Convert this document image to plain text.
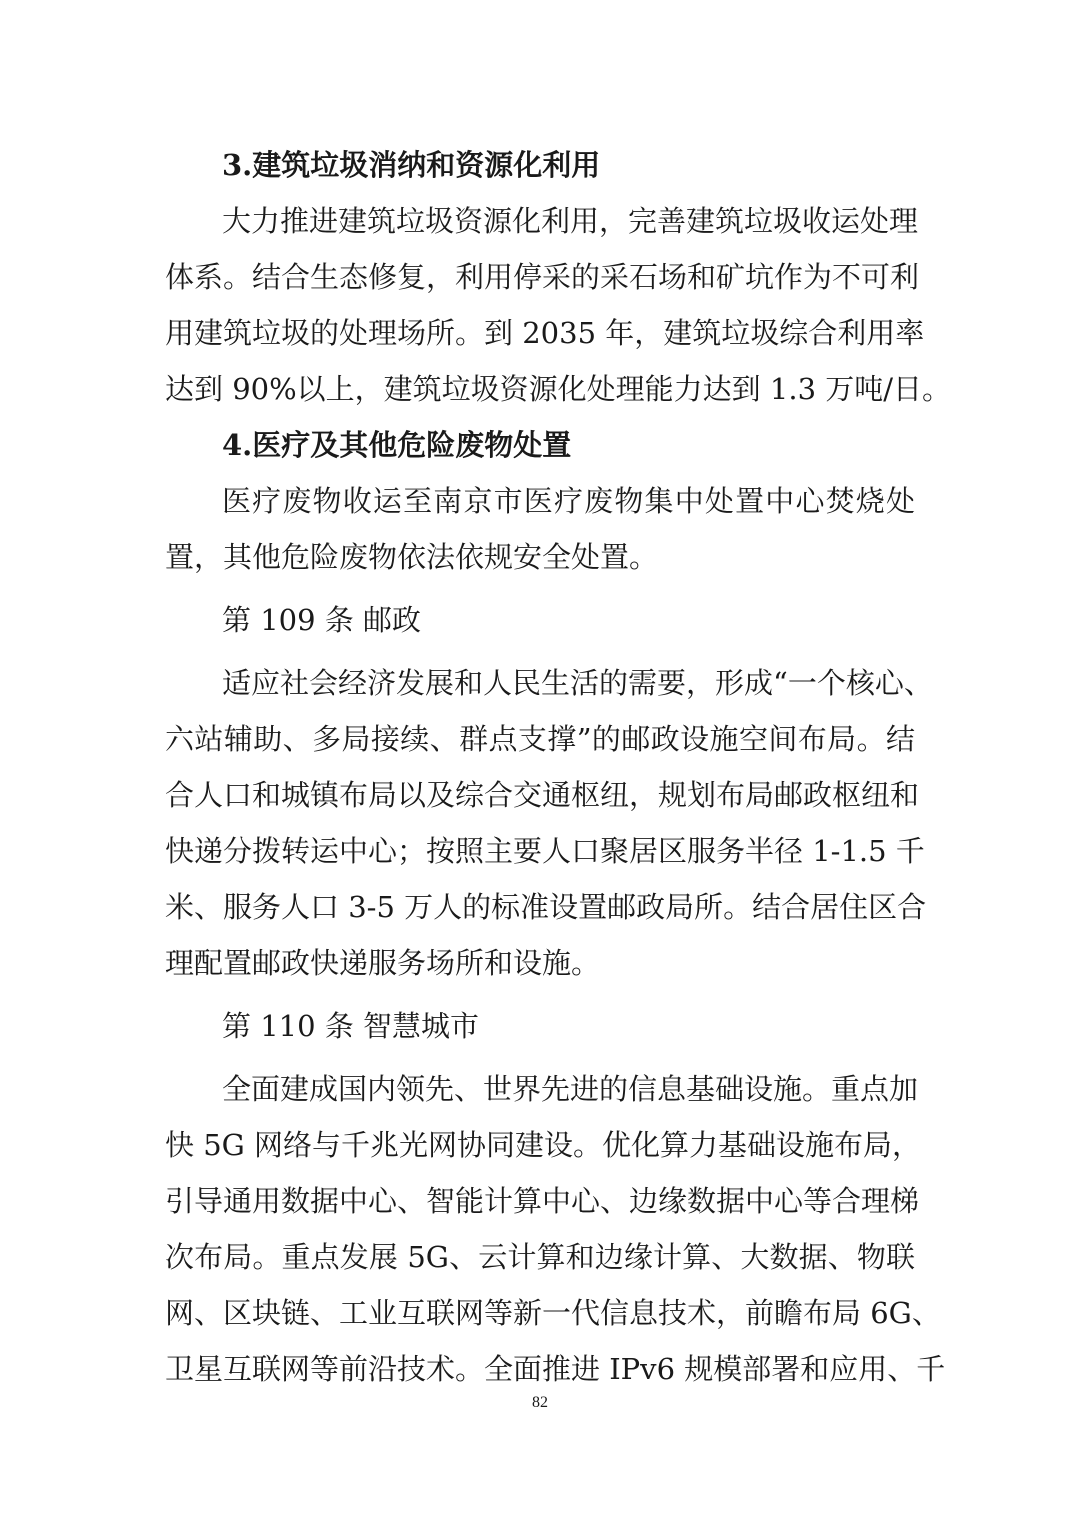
3.建筑垃圾消纳和资源化利用
大力推进建筑垃圾资源化利用，完善建筑垃圾收运处理
体系。结合生态修复，利用停采的采石场和矿坑作为不可利
用建筑垃圾的处理场所。到 2035 年，建筑垃圾综合利用率
达到 90%以上，建筑垃圾资源化处理能力达到 1.3 万吨/日。
4.医疗及其他危险废物处置
医疗废物收运至南京市医疗废物集中处置中心焚烧处
置，其他危险废物依法依规安全处置。
第 109 条 邮政
适应社会经济发展和人民生活的需要，形成“一个核心、
六站辅助、多局接续、群点支撑”的邮政设施空间布局。结
合人口和城镇布局以及综合交通枢纽，规划布局邮政枢纽和
快递分拨转运中心；按照主要人口聚居区服务半径 1-1.5 千
米、服务人口 3-5 万人的标准设置邮政局所。结合居住区合
理配置邮政快递服务场所和设施。
第 110 条 智慧城市
全面建成国内领先、世界先进的信息基础设施。重点加
快 5G 网络与千兆光网协同建设。优化算力基础设施布局，
引导通用数据中心、智能计算中心、边缘数据中心等合理梯
次布局。重点发展 5G、云计算和边缘计算、大数据、物联
网、区块链、工业互联网等新一代信息技术，前瞻布局 6G、
卫星互联网等前沿技术。全面推进 IPv6 规模部署和应用、千
82
